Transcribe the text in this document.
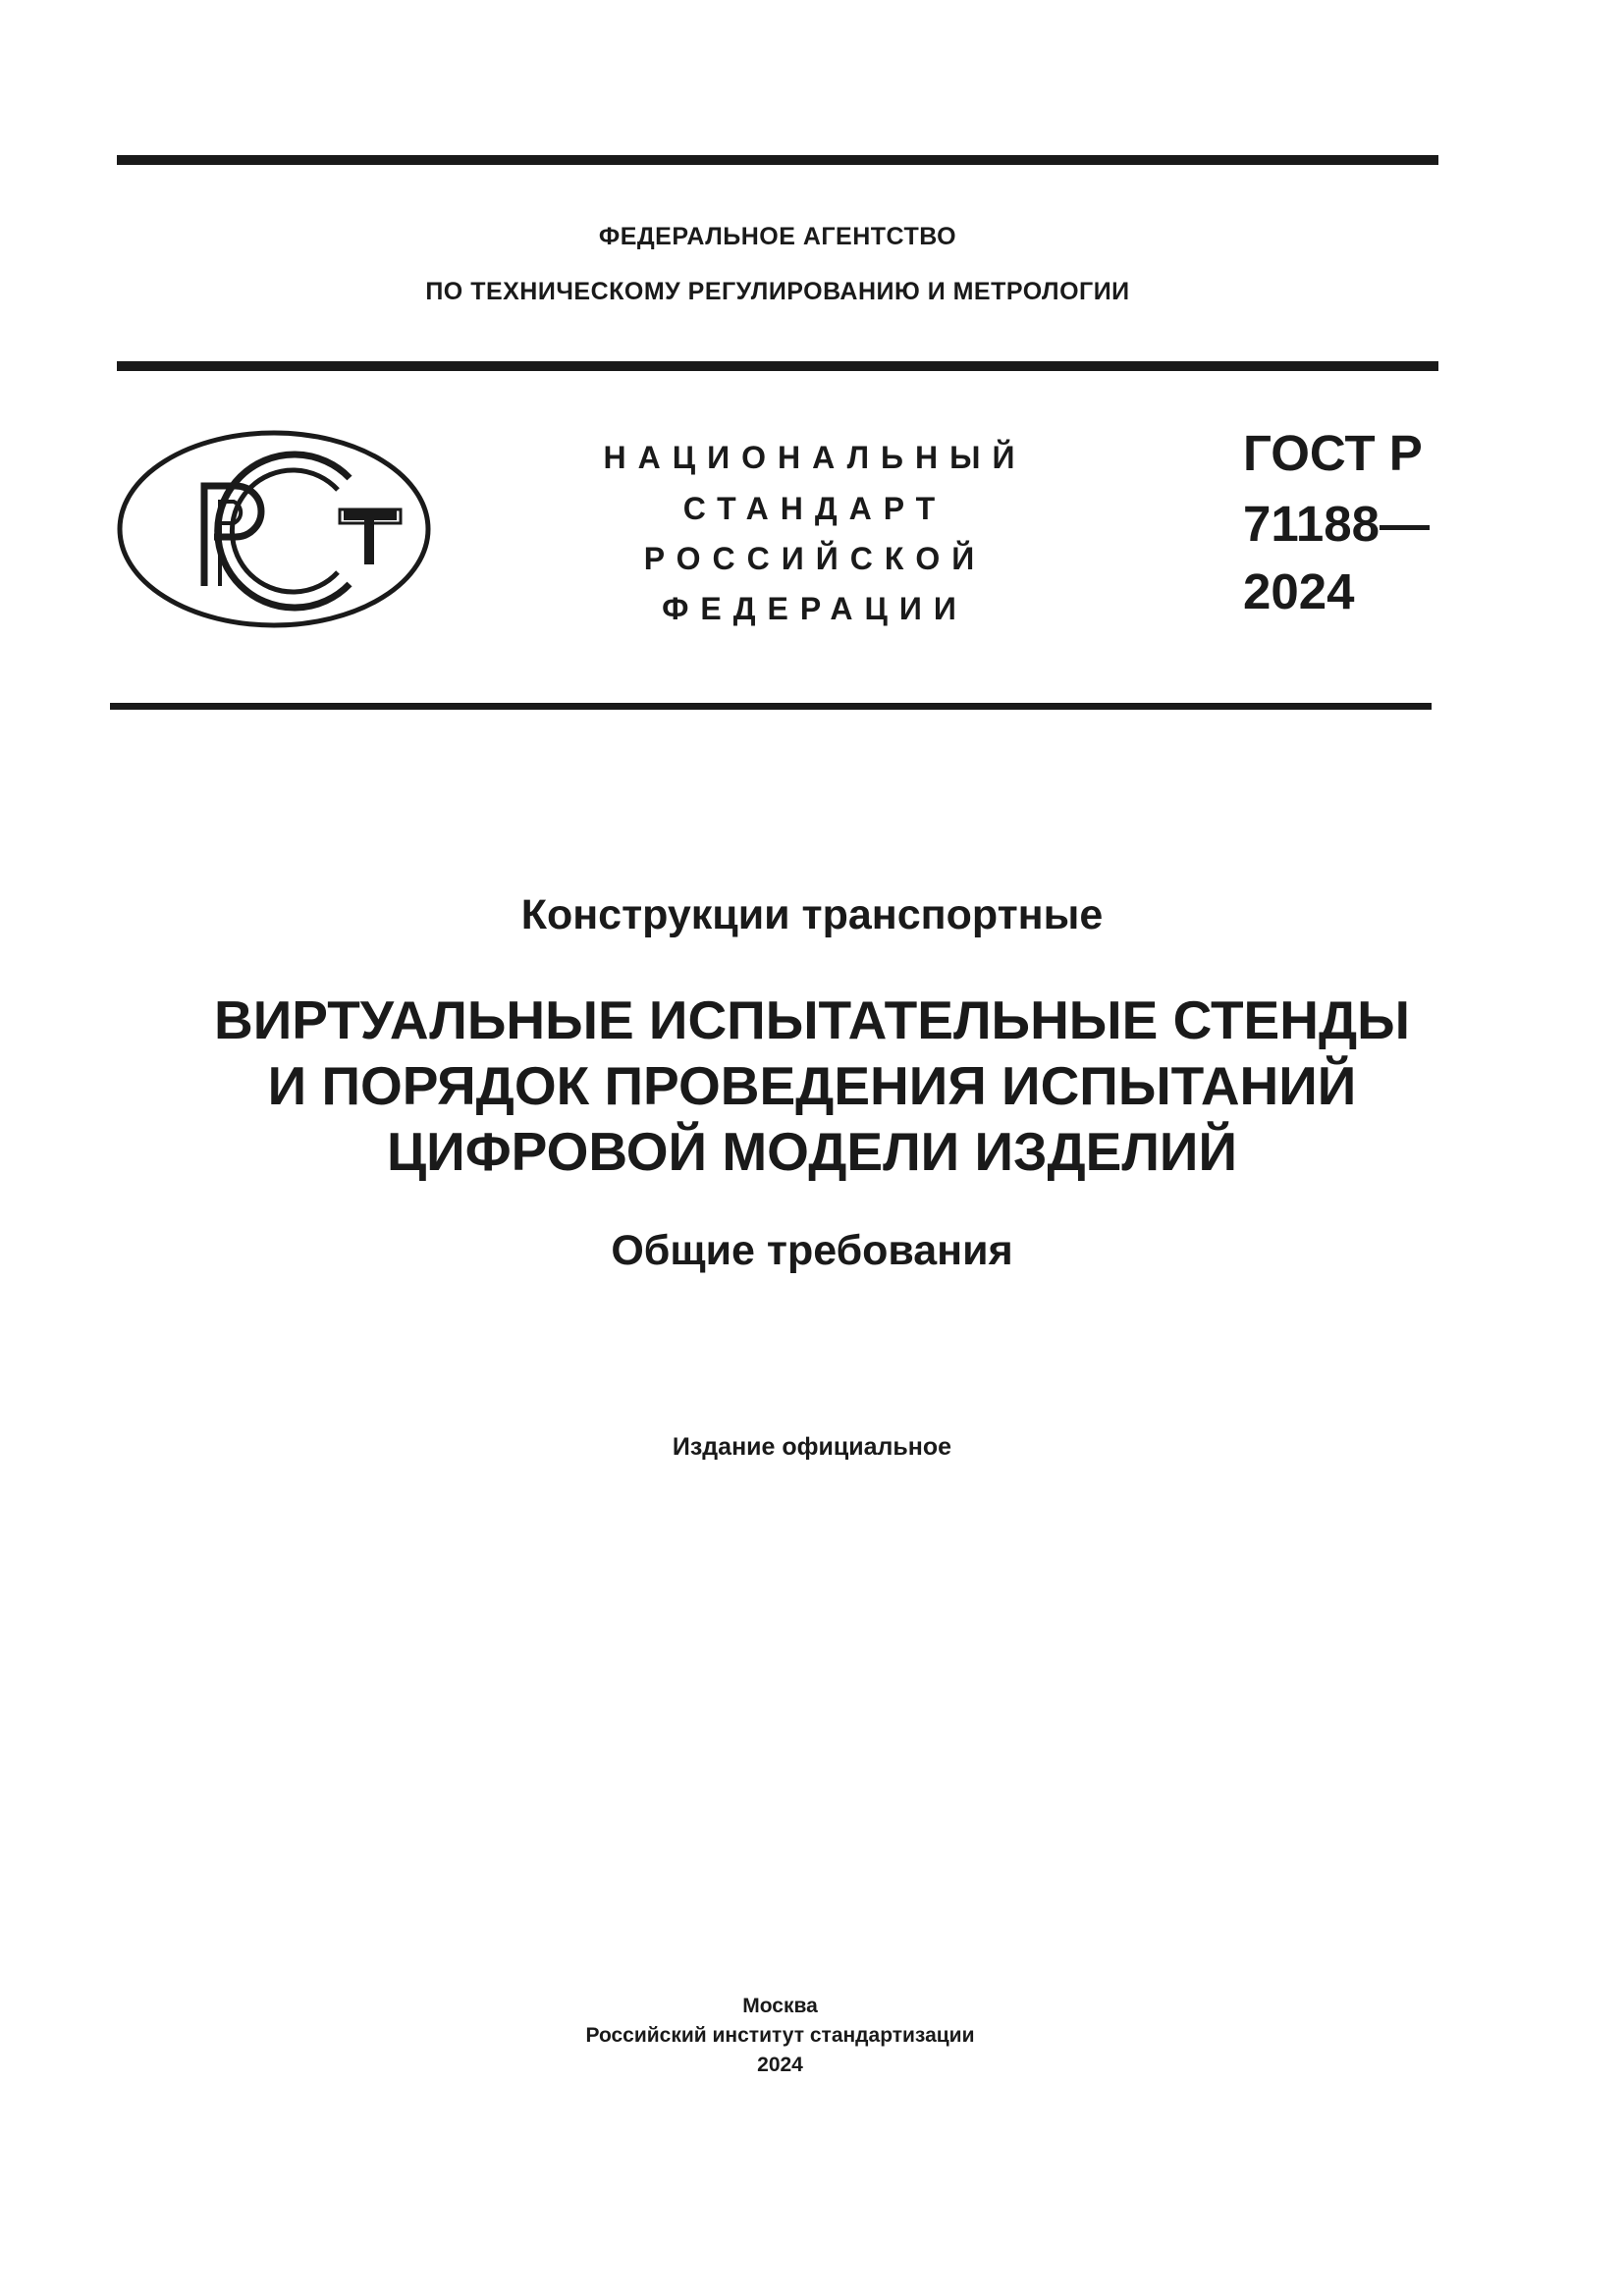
ФЕДЕРАЛЬНОЕ АГЕНТСТВО
ПО ТЕХНИЧЕСКОМУ РЕГУЛИРОВАНИЮ И МЕТРОЛОГИИ
НАЦИОНАЛЬНЫЙ
СТАНДАРТ
РОССИЙСКОЙ
ФЕДЕРАЦИИ
ГОСТ Р
71188—
2024
Конструкции транспортные
ВИРТУАЛЬНЫЕ ИСПЫТАТЕЛЬНЫЕ СТЕНДЫ
И ПОРЯДОК ПРОВЕДЕНИЯ ИСПЫТАНИЙ
ЦИФРОВОЙ МОДЕЛИ ИЗДЕЛИЙ
Общие требования
Издание официальное
Москва
Российский институт стандартизации
2024
